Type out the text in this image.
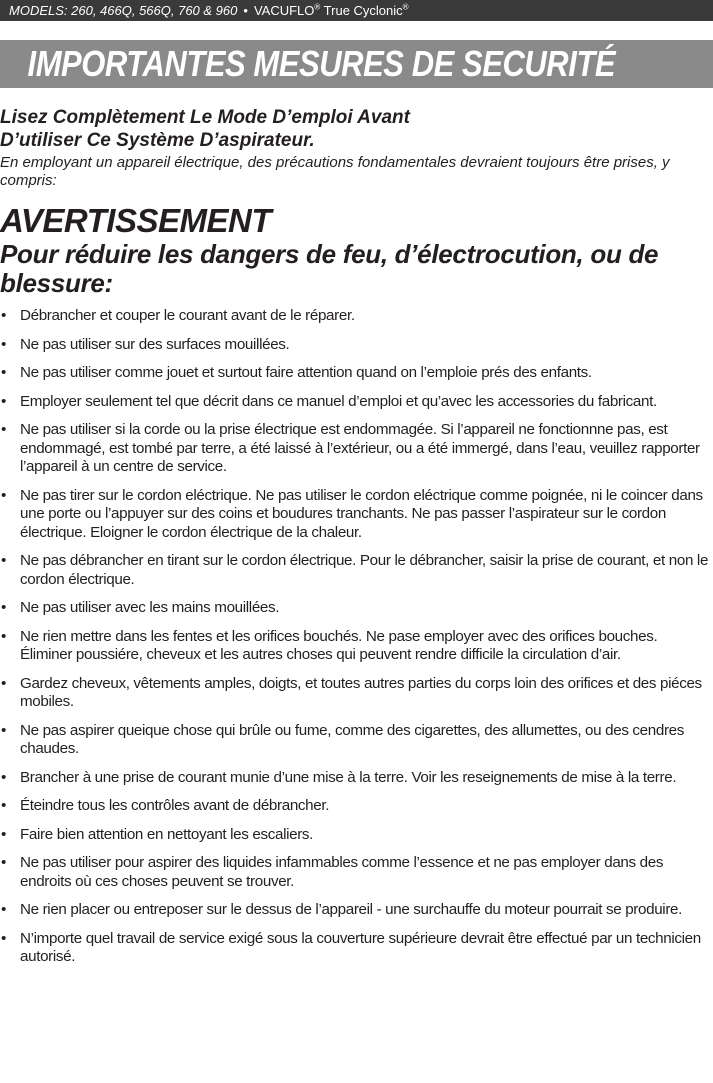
MODELS: 260, 466Q, 566Q, 760 & 960 • VACUFLO® True Cyclonic®
IMPORTANTES MESURES DE SECURITÉ
Lisez Complètement Le Mode D’emploi Avant
D’utiliser Ce Système D’aspirateur.
En employant un appareil électrique, des précautions fondamentales devraient toujours être prises, y compris:
AVERTISSEMENT
Pour réduire les dangers de feu, d’électrocution, ou de blessure:
• Débrancher et couper le courant avant de le réparer.
• Ne pas utiliser sur des surfaces mouillées.
• Ne pas utiliser comme jouet et surtout faire attention quand on l’emploie prés des enfants.
• Employer seulement tel que décrit dans ce manuel d’emploi et qu’avec les accessories du fabricant.
• Ne pas utiliser si la corde ou la prise électrique est endommagée. Si l’appareil ne fonctionnne pas, est endommagé, est tombé par terre, a été laissé à l’extérieur, ou a été immergé, dans l’eau, veuillez rapporter l’appareil à un centre de service.
• Ne pas tirer sur le cordon eléctrique. Ne pas utiliser le cordon eléctrique comme poignée, ni le coincer dans une porte ou l’appuyer sur des coins et boudures tranchants. Ne pas passer l’aspirateur sur le cordon électrique. Eloigner le cordon électrique de la chaleur.
• Ne pas débrancher en tirant sur le cordon électrique. Pour le débrancher, saisir la prise de courant, et non le cordon électrique.
• Ne pas utiliser avec les mains mouillées.
• Ne rien mettre dans les fentes et les orifices bouchés. Ne pase employer avec des orifices bouches. Éliminer poussiére, cheveux et les autres choses qui peuvent rendre difficile la circulation d’air.
• Gardez cheveux, vêtements amples, doigts, et toutes autres parties du corps loin des orifices et des piéces mobiles.
• Ne pas aspirer queique chose qui brûle ou fume, comme des cigarettes, des allumettes, ou des cendres chaudes.
• Brancher à une prise de courant munie d’une mise à la terre. Voir les reseignements de mise à la terre.
• Éteindre tous les contrôles avant de débrancher.
• Faire bien attention en nettoyant les escaliers.
• Ne pas utiliser pour aspirer des liquides infammables comme l’essence et ne pas employer dans des endroits où ces choses peuvent se trouver.
• Ne rien placer ou entreposer sur le dessus de l’appareil - une surchauffe du moteur pourrait se produire.
• N’importe quel travail de service exigé sous la couverture supérieure devrait être effectué par un technicien autorisé.
